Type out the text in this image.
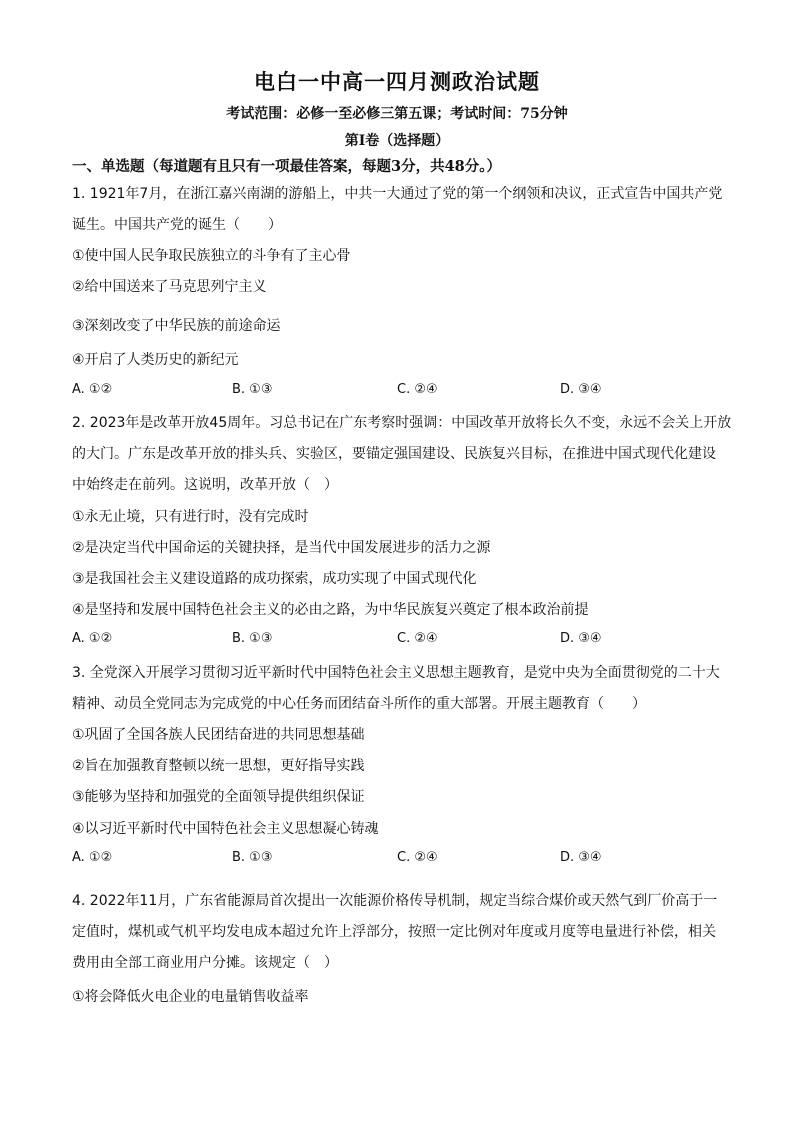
电白一中高一四月测政治试题
考试范围：必修一至必修三第五课；考试时间：75分钟
第Ⅰ卷（选择题）
一、单选题（每道题有且只有一项最佳答案，每题3分，共48分。）
1. 1921年7月，在浙江嘉兴南湖的游船上，中共一大通过了党的第一个纲领和决议，正式宣告中国共产党
诞生。中国共产党的诞生（　　）
①使中国人民争取民族独立的斗争有了主心骨
②给中国送来了马克思列宁主义
③深刻改变了中华民族的前途命运
④开启了人类历史的新纪元
A. ①②	B. ①③	C. ②④	D. ③④
2. 2023年是改革开放45周年。习总书记在广东考察时强调：中国改革开放将长久不变，永远不会关上开放
的大门。广东是改革开放的排头兵、实验区，要锚定强国建设、民族复兴目标，在推进中国式现代化建设
中始终走在前列。这说明，改革开放（　）
①永无止境，只有进行时，没有完成时
②是决定当代中国命运的关键抉择，是当代中国发展进步的活力之源
③是我国社会主义建设道路的成功探索，成功实现了中国式现代化
④是坚持和发展中国特色社会主义的必由之路，为中华民族复兴奠定了根本政治前提
A. ①②	B. ①③	C. ②④	D. ③④
3. 全党深入开展学习贯彻习近平新时代中国特色社会主义思想主题教育，是党中央为全面贯彻党的二十大
精神、动员全党同志为完成党的中心任务而团结奋斗所作的重大部署。开展主题教育（　　）
①巩固了全国各族人民团结奋进的共同思想基础
②旨在加强教育整顿以统一思想，更好指导实践
③能够为坚持和加强党的全面领导提供组织保证
④以习近平新时代中国特色社会主义思想凝心铸魂
A. ①②	B. ①③	C. ②④	D. ③④
4. 2022年11月，广东省能源局首次提出一次能源价格传导机制，规定当综合煤价或天然气到厂价高于一
定值时，煤机或气机平均发电成本超过允许上浮部分，按照一定比例对年度或月度等电量进行补偿，相关
费用由全部工商业用户分摊。该规定（　）
①将会降低火电企业的电量销售收益率
